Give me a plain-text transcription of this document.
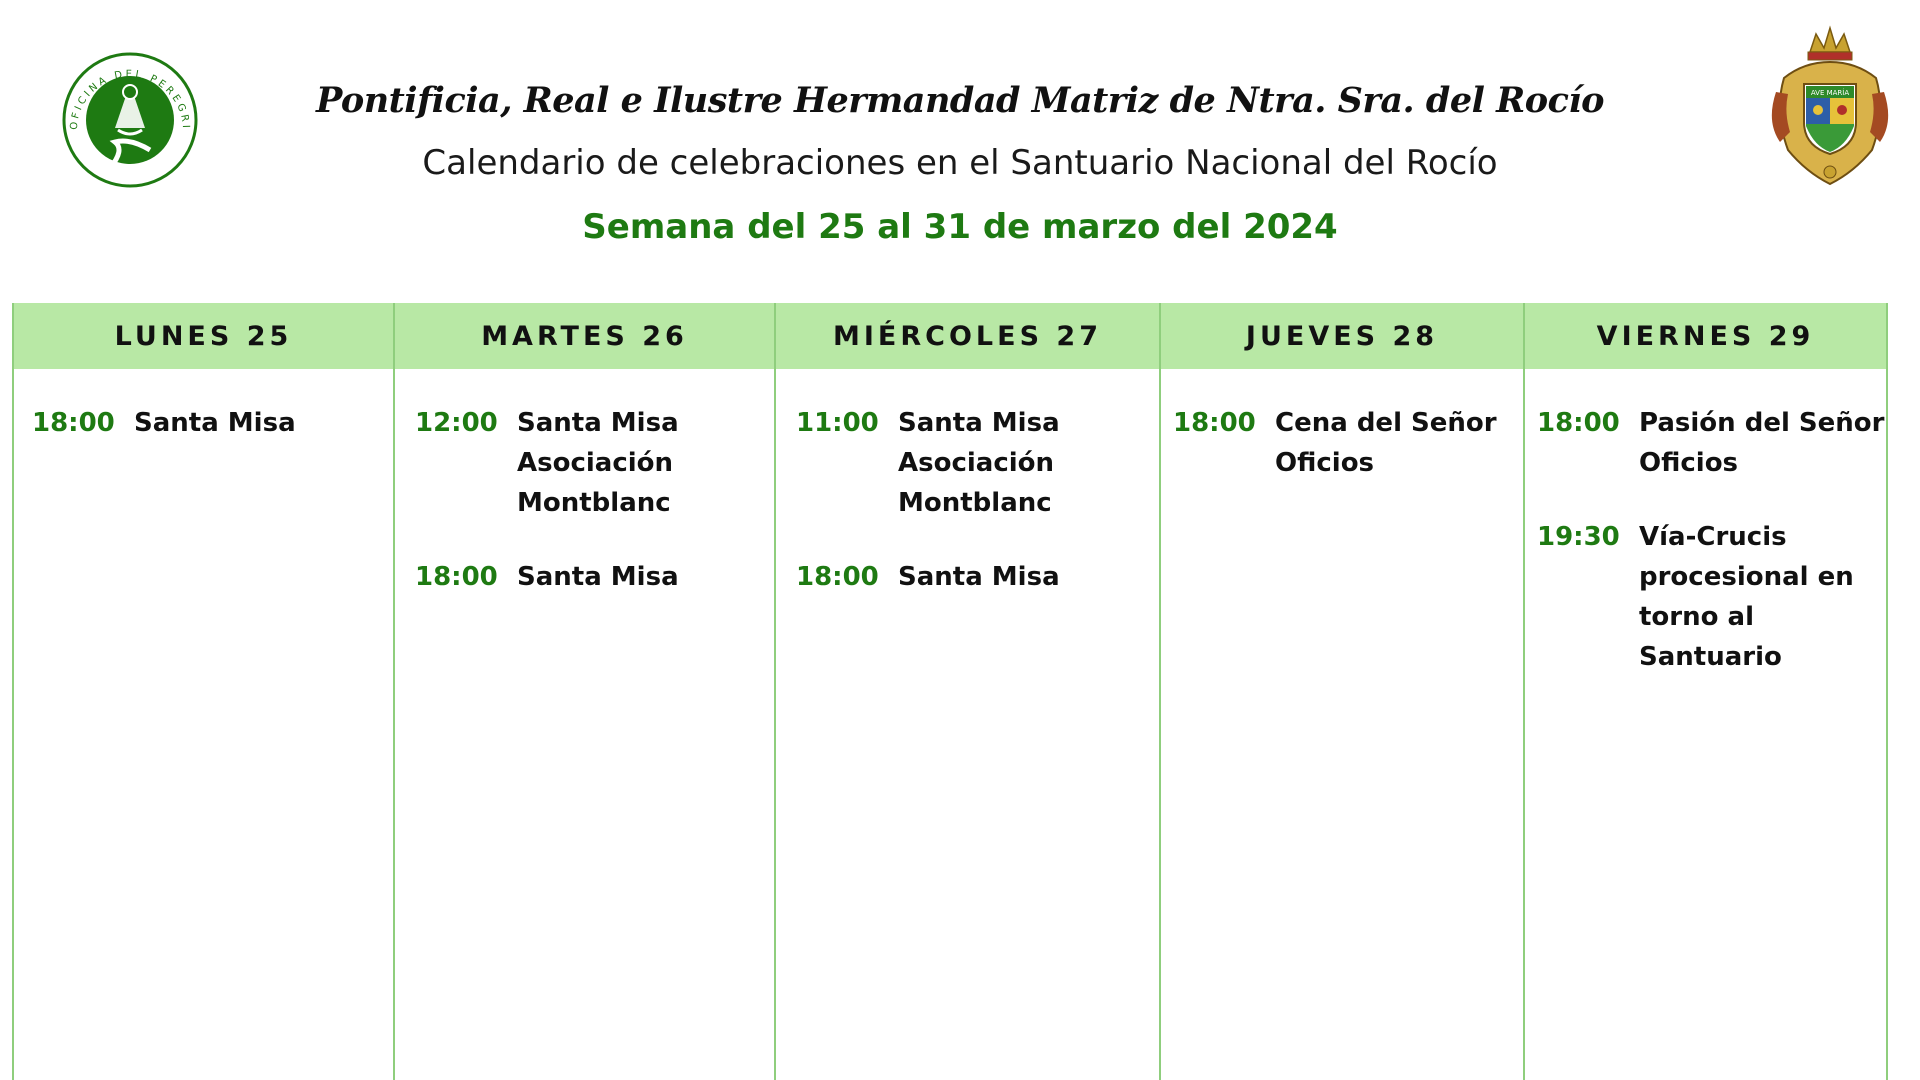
OFICINA DEL PEREGRI
AVE MARÍA
Pontificia, Real e Ilustre Hermandad Matriz de Ntra. Sra. del Rocío
Calendario de celebraciones en el Santuario Nacional del Rocío
Semana del 25 al 31 de marzo del 2024
LUNES 25
18:00 Santa Misa
MARTES 26
12:00 Santa Misa
Asociación
Montblanc
18:00 Santa Misa
MIÉRCOLES 27
11:00 Santa Misa
Asociación
Montblanc
18:00 Santa Misa
JUEVES 28
18:00 Cena del Señor
Oficios
VIERNES 29
18:00 Pasión del Señor
Oficios
19:30 Vía-Crucis
procesional en
torno al
Santuario
